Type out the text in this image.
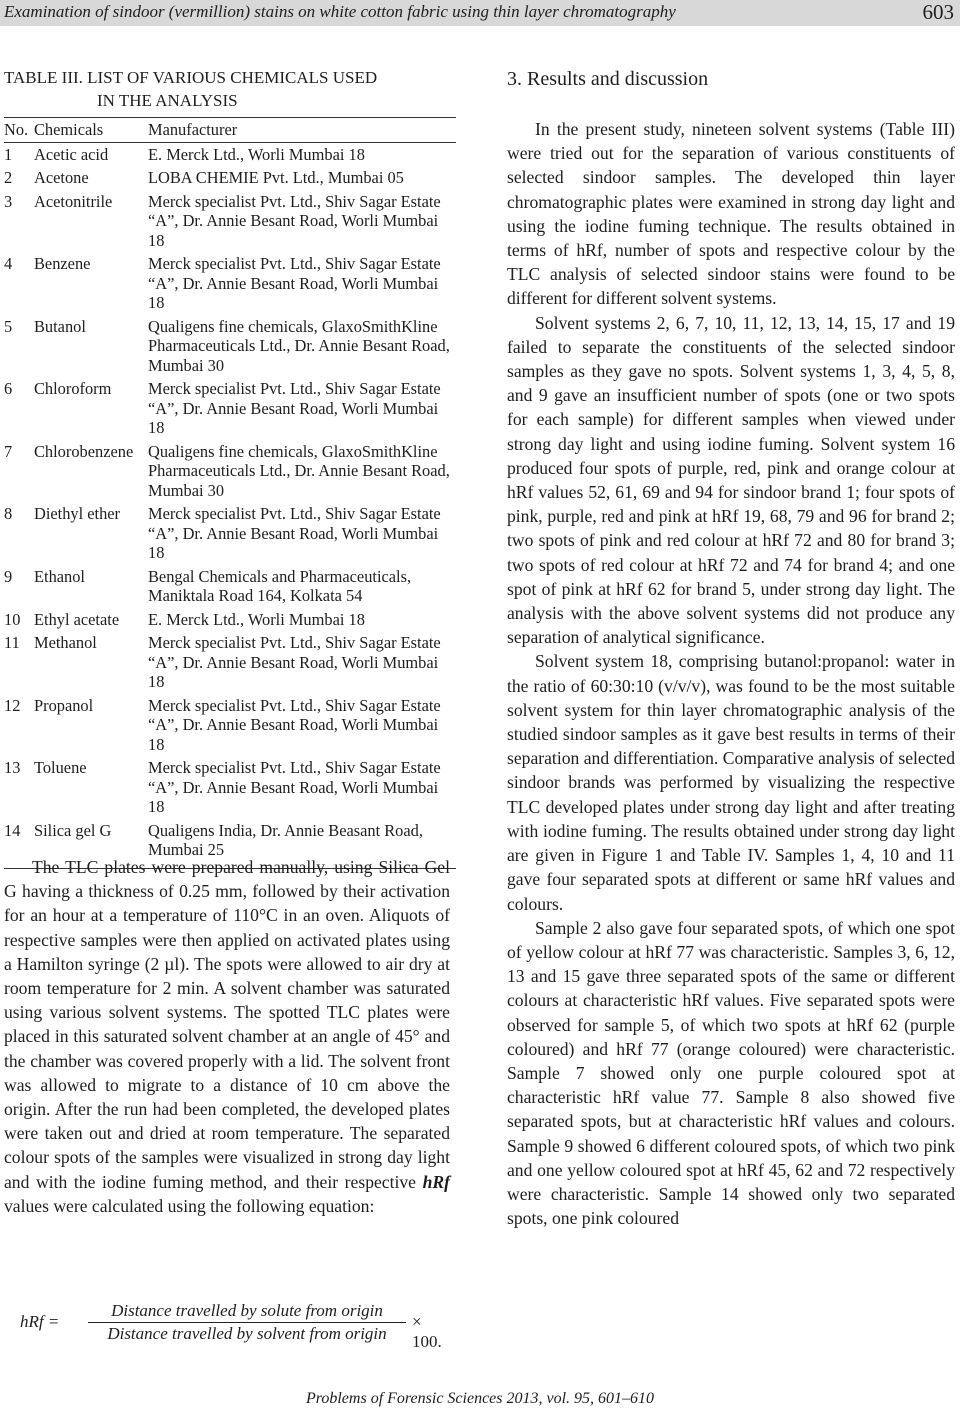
Examination of sindoor (vermillion) stains on white cotton fabric using thin layer chromatography	603

TABLE III. LIST OF VARIOUS CHEMICALS USED
IN THE ANALYSIS

No.	Chemicals	Manufacturer

1	Acetic acid	E. Merck Ltd., Worli Mumbai 18
2	Acetone	LOBA CHEMIE Pvt. Ltd., Mumbai 05
3	Acetonitrile	Merck specialist Pvt. Ltd., Shiv Sagar Estate “A”, Dr. Annie Besant Road, Worli Mumbai 18
4	Benzene	Merck specialist Pvt. Ltd., Shiv Sagar Estate “A”, Dr. Annie Besant Road, Worli Mumbai 18
5	Butanol	Qualigens fine chemicals, GlaxoSmithKline Pharmaceuticals Ltd., Dr. Annie Besant Road, Mumbai 30
6	Chloroform	Merck specialist Pvt. Ltd., Shiv Sagar Estate “A”, Dr. Annie Besant Road, Worli Mumbai 18
7	Chlorobenzene	Qualigens fine chemicals, GlaxoSmithKline Pharmaceuticals Ltd., Dr. Annie Besant Road, Mumbai 30
8	Diethyl ether	Merck specialist Pvt. Ltd., Shiv Sagar Estate “A”, Dr. Annie Besant Road, Worli Mumbai 18
9	Ethanol	Bengal Chemicals and Pharmaceuticals, Maniktala Road 164, Kolkata 54
10	Ethyl acetate	E. Merck Ltd., Worli Mumbai 18
11	Methanol	Merck specialist Pvt. Ltd., Shiv Sagar Estate “A”, Dr. Annie Besant Road, Worli Mumbai 18
12	Propanol	Merck specialist Pvt. Ltd., Shiv Sagar Estate “A”, Dr. Annie Besant Road, Worli Mumbai 18
13	Toluene	Merck specialist Pvt. Ltd., Shiv Sagar Estate “A”, Dr. Annie Besant Road, Worli Mumbai 18
14	Silica gel G	Qualigens India, Dr. Annie Beasant Road, Mumbai 25

The TLC plates were prepared manually, using Silica Gel G having a thickness of 0.25 mm, followed by their activation for an hour at a temperature of 110°C in an oven. Aliquots of respective samples were then applied on activated plates using a Hamilton syringe (2 µl). The spots were allowed to air dry at room temperature for 2 min. A solvent chamber was saturated using various solvent systems. The spotted TLC plates were placed in this saturated solvent chamber at an angle of 45° and the chamber was covered properly with a lid. The solvent front was allowed to migrate to a distance of 10 cm above the origin. After the run had been completed, the developed plates were taken out and dried at room temperature. The separated colour spots of the samples were visualized in strong day light and with the iodine fuming method, and their respective hRf values were calculated using the following equation:

hRf =
Distance travelled by solute from origin
Distance travelled by solvent from origin
× 100.
3. Results and discussion

In the present study, nineteen solvent systems (Table III) were tried out for the separation of various constituents of selected sindoor samples. The developed thin layer chromatographic plates were examined in strong day light and using the iodine fuming technique. The results obtained in terms of hRf, number of spots and respective colour by the TLC analysis of selected sindoor stains were found to be different for different solvent systems.

Solvent systems 2, 6, 7, 10, 11, 12, 13, 14, 15, 17 and 19 failed to separate the constituents of the selected sindoor samples as they gave no spots. Solvent systems 1, 3, 4, 5, 8, and 9 gave an insufficient number of spots (one or two spots for each sample) for different samples when viewed under strong day light and using iodine fuming. Solvent system 16 produced four spots of purple, red, pink and orange colour at hRf values 52, 61, 69 and 94 for sindoor brand 1; four spots of pink, purple, red and pink at hRf 19, 68, 79 and 96 for brand 2; two spots of pink and red colour at hRf 72 and 80 for brand 3; two spots of red colour at hRf 72 and 74 for brand 4; and one spot of pink at hRf 62 for brand 5, under strong day light. The analysis with the above solvent systems did not produce any separation of analytical significance.

Solvent system 18, comprising butanol:propanol: water in the ratio of 60:30:10 (v/v/v), was found to be the most suitable solvent system for thin layer chromatographic analysis of the studied sindoor samples as it gave best results in terms of their separation and differentiation. Comparative analysis of selected sindoor brands was performed by visualizing the respective TLC developed plates under strong day light and after treating with iodine fuming. The results obtained under strong day light are given in Figure 1 and Table IV. Samples 1, 4, 10 and 11 gave four separated spots at different or same hRf values and colours.

Sample 2 also gave four separated spots, of which one spot of yellow colour at hRf 77 was characteristic. Samples 3, 6, 12, 13 and 15 gave three separated spots of the same or different colours at characteristic hRf values. Five separated spots were observed for sample 5, of which two spots at hRf 62 (purple coloured) and hRf 77 (orange coloured) were characteristic. Sample 7 showed only one purple coloured spot at characteristic hRf value 77. Sample 8 also showed five separated spots, but at characteristic hRf values and colours. Sample 9 showed 6 different coloured spots, of which two pink and one yellow coloured spot at hRf 45, 62 and 72 respectively were characteristic. Sample 14 showed only two separated spots, one pink coloured

Problems of Forensic Sciences 2013, vol. 95, 601–610
